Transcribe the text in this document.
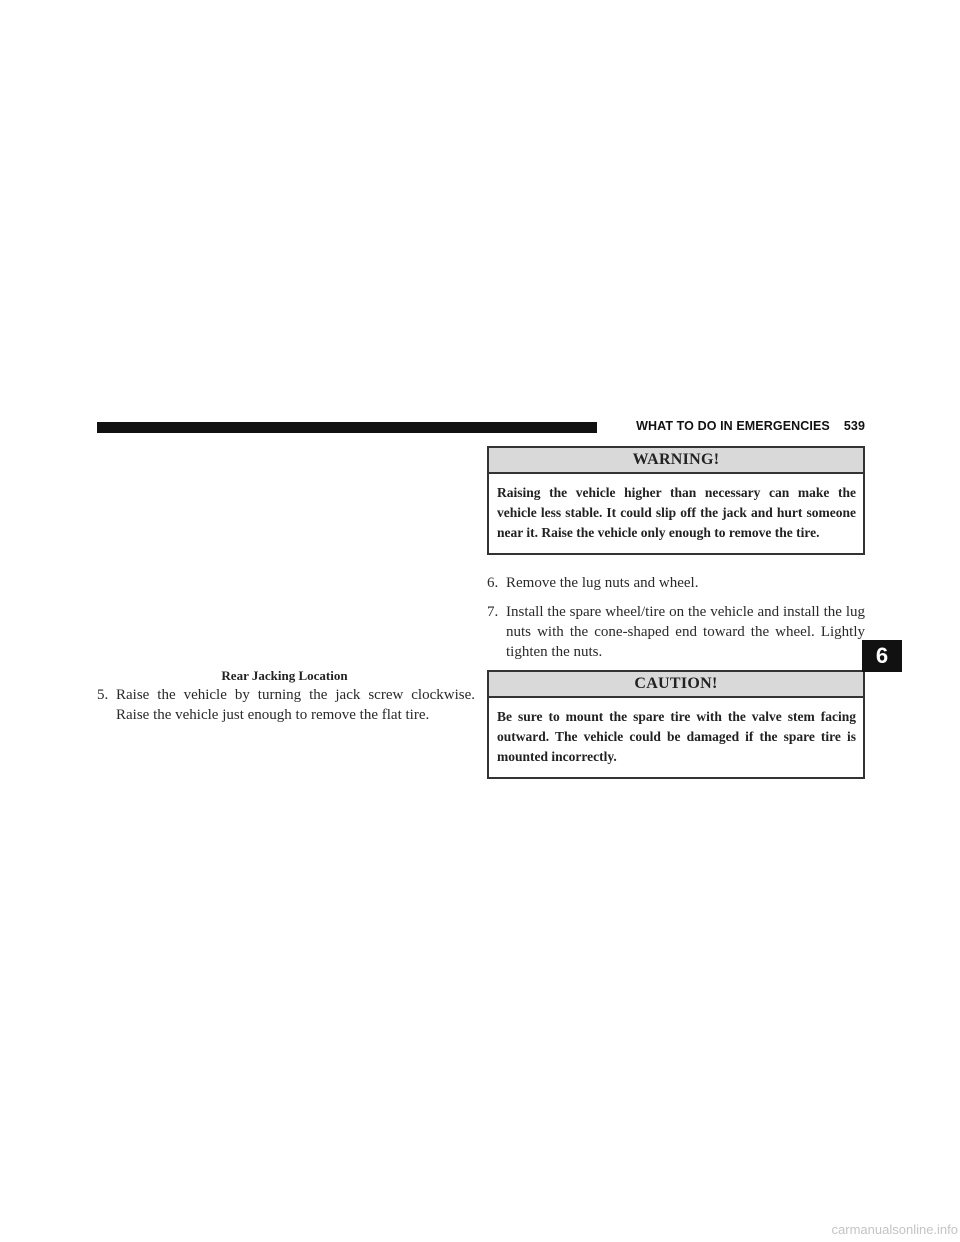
WHAT TO DO IN EMERGENCIES 539
Rear Jacking Location
5. Raise the vehicle by turning the jack screw clockwise. Raise the vehicle just enough to remove the flat tire.
WARNING!
Raising the vehicle higher than necessary can make the vehicle less stable. It could slip off the jack and hurt someone near it. Raise the vehicle only enough to remove the tire.
6. Remove the lug nuts and wheel.
7. Install the spare wheel/tire on the vehicle and install the lug nuts with the cone-shaped end toward the wheel. Lightly tighten the nuts.
CAUTION!
Be sure to mount the spare tire with the valve stem facing outward. The vehicle could be damaged if the spare tire is mounted incorrectly.
6
carmanualsonline.info
